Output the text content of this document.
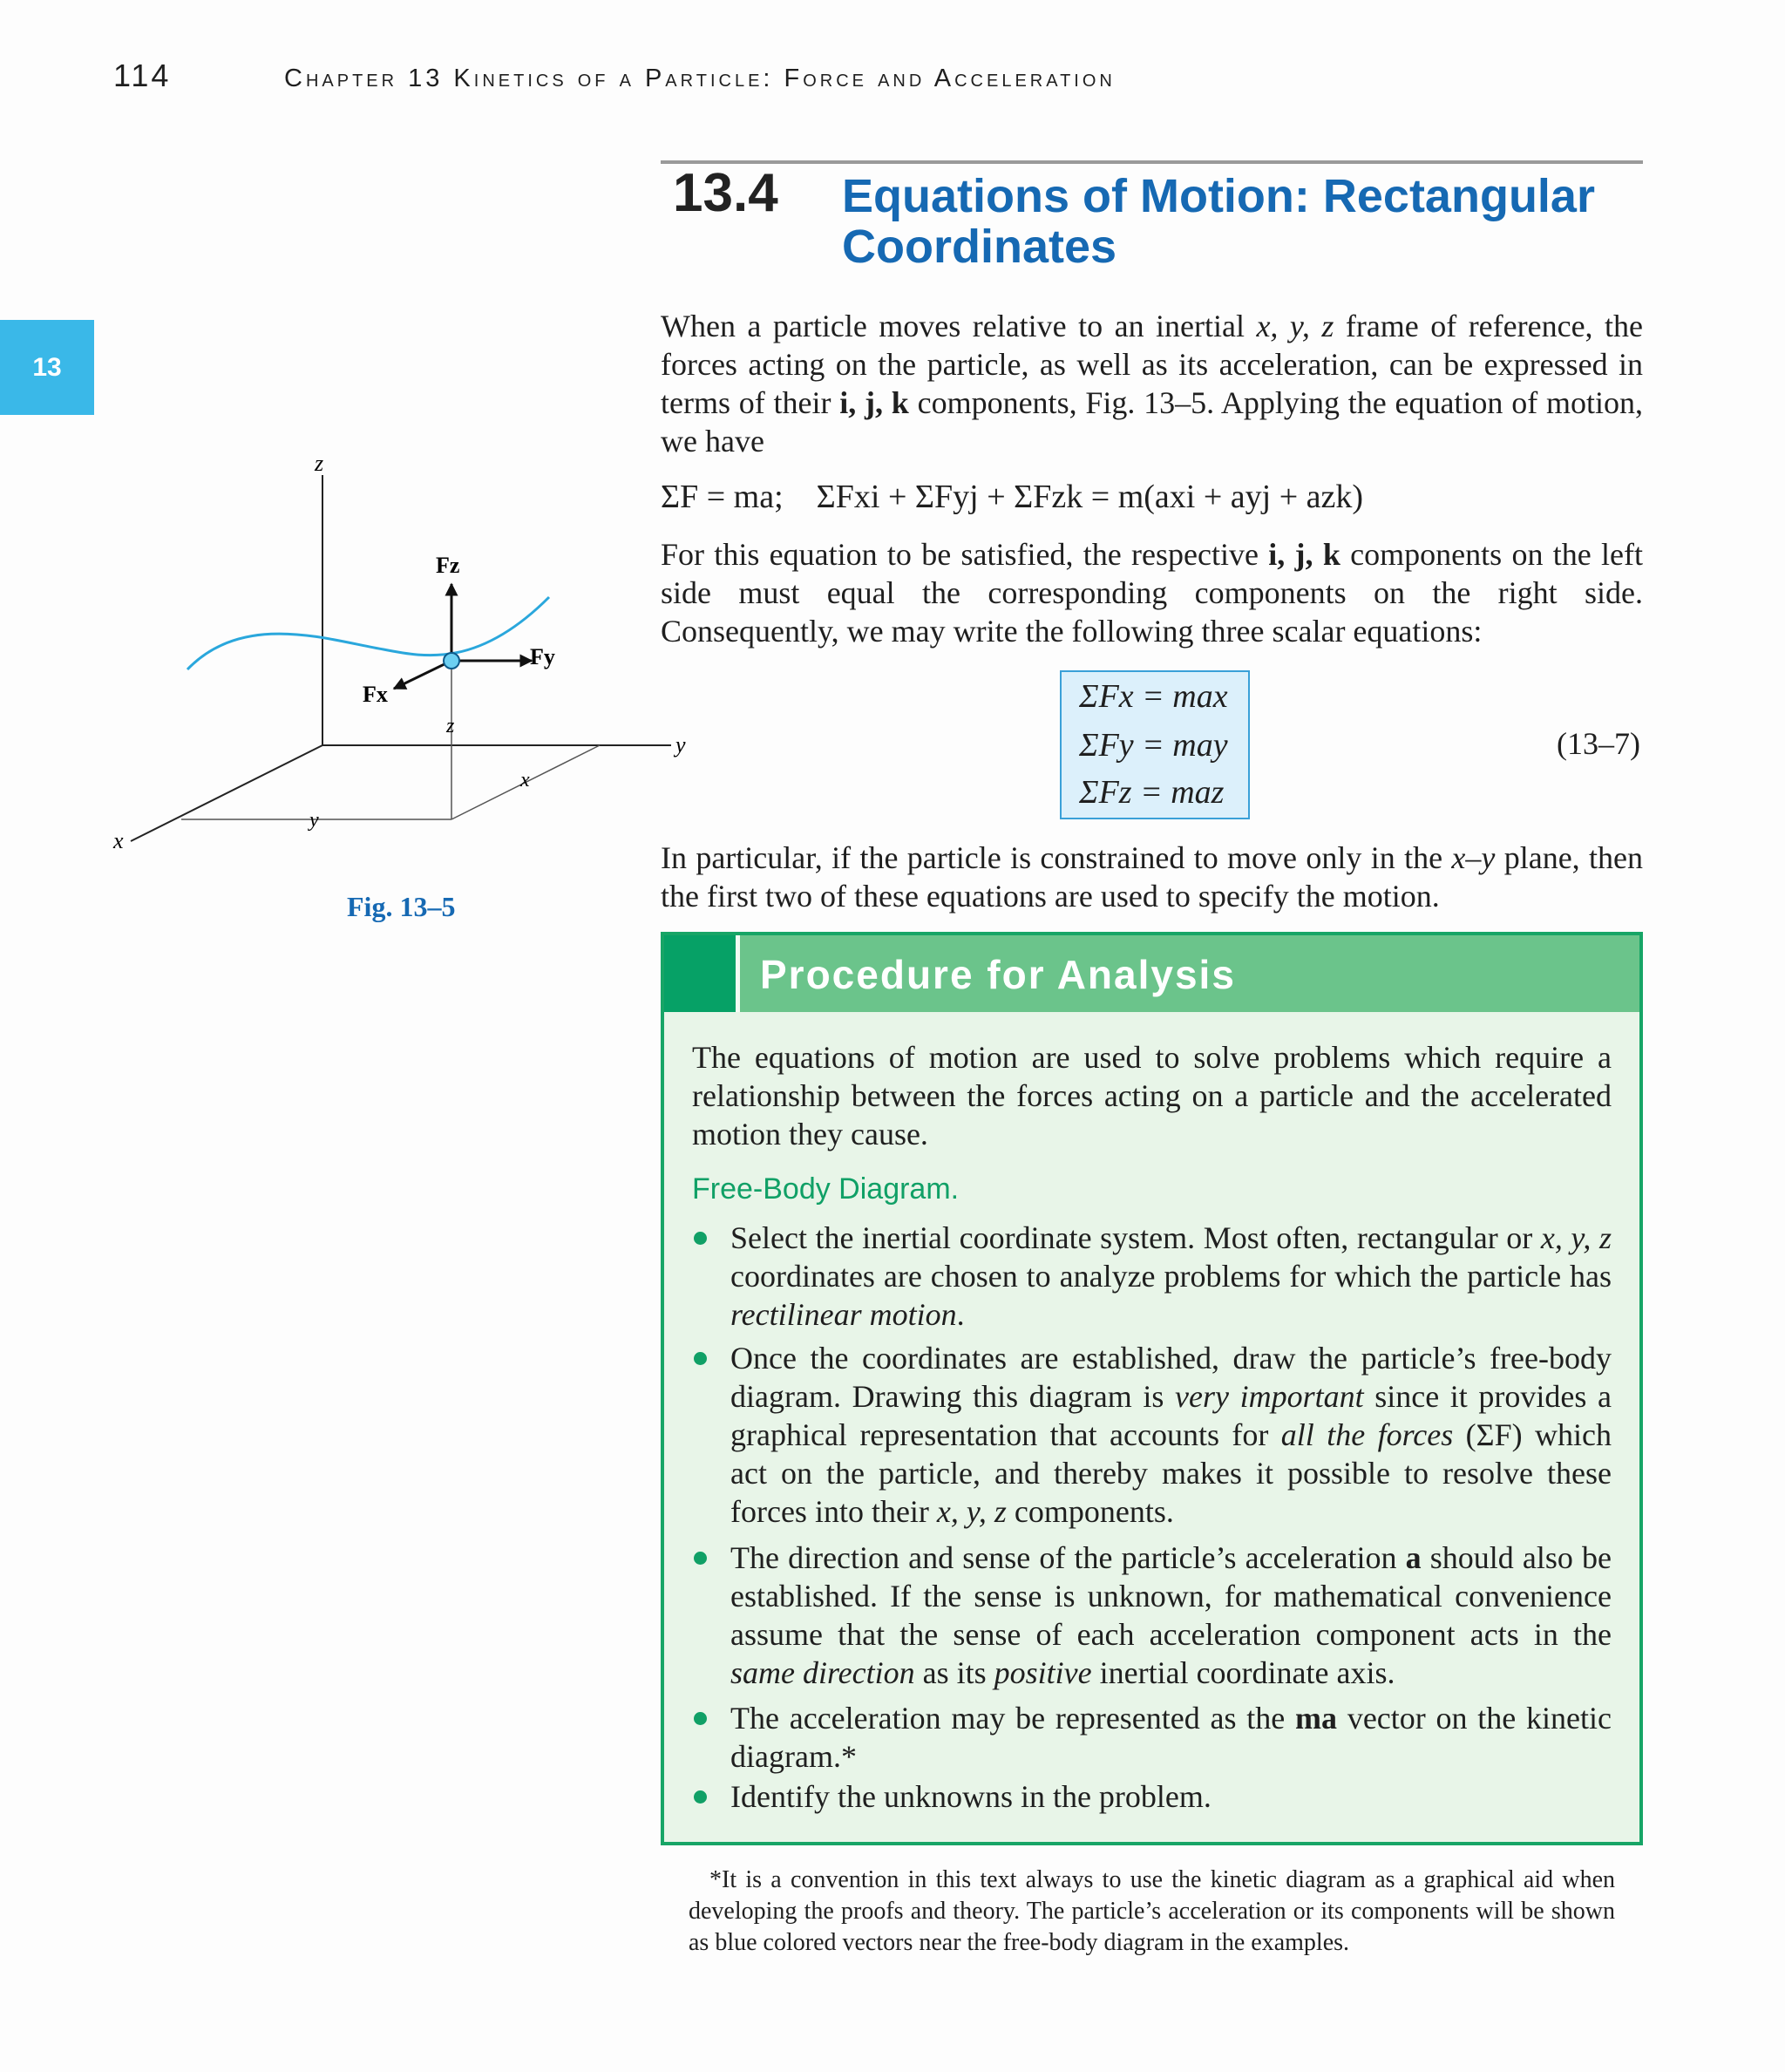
114	Chapter 13 Kinetics of a Particle: Force and Acceleration
13
13.4 Equations of Motion: Rectangular Coordinates
When a particle moves relative to an inertial x, y, z frame of reference, the forces acting on the particle, as well as its acceleration, can be expressed in terms of their i, j, k components, Fig. 13–5. Applying the equation of motion, we have
ΣF = ma; ΣFxi + ΣFyj + ΣFzk = m(axi + ayj + azk)
For this equation to be satisfied, the respective i, j, k components on the left side must equal the corresponding components on the right side. Consequently, we may write the following three scalar equations:
ΣFx = max
ΣFy = may
ΣFz = maz
(13–7)
In particular, if the particle is constrained to move only in the x–y plane, then the first two of these equations are used to specify the motion.
z
y
x
Fz
Fy
Fx
z
x
y
Fig. 13–5
Procedure for Analysis
The equations of motion are used to solve problems which require a relationship between the forces acting on a particle and the accelerated motion they cause.
Free-Body Diagram.
Select the inertial coordinate system. Most often, rectangular or x, y, z coordinates are chosen to analyze problems for which the particle has rectilinear motion.
Once the coordinates are established, draw the particle’s free-body diagram. Drawing this diagram is very important since it provides a graphical representation that accounts for all the forces (ΣF) which act on the particle, and thereby makes it possible to resolve these forces into their x, y, z components.
The direction and sense of the particle’s acceleration a should also be established. If the sense is unknown, for mathematical convenience assume that the sense of each acceleration component acts in the same direction as its positive inertial coordinate axis.
The acceleration may be represented as the ma vector on the kinetic diagram.*
Identify the unknowns in the problem.
*It is a convention in this text always to use the kinetic diagram as a graphical aid when developing the proofs and theory. The particle’s acceleration or its components will be shown as blue colored vectors near the free-body diagram in the examples.
